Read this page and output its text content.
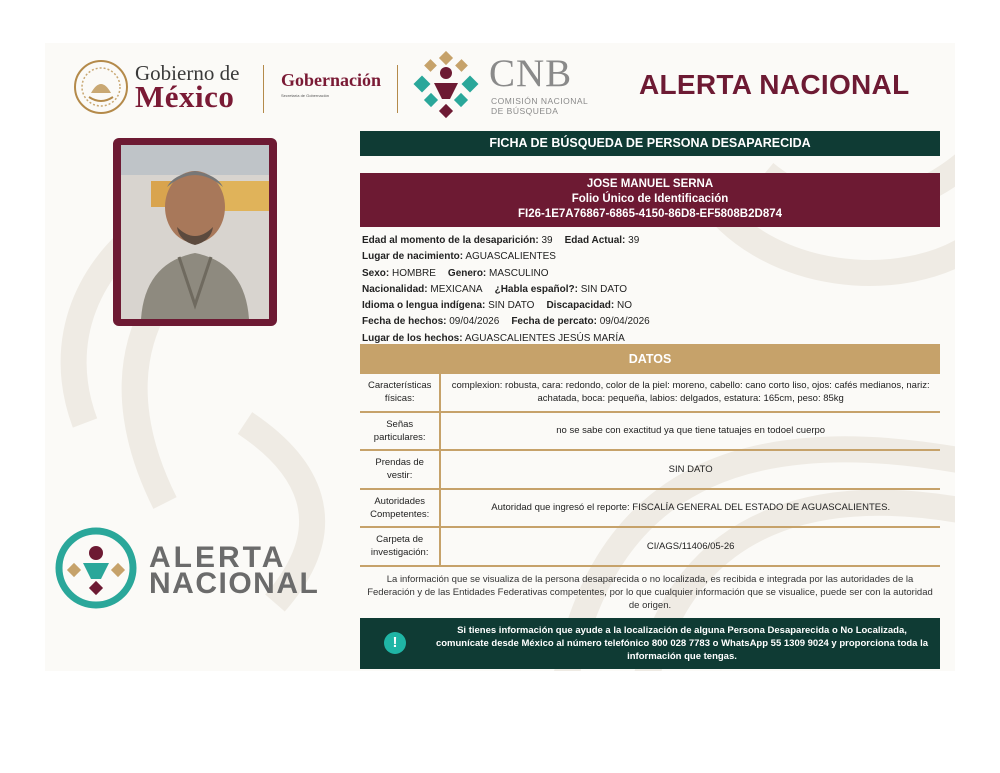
Gobierno de
México	Gobernación
Secretaría de Gobernación
CNB
COMISIÓN NACIONAL
DE BÚSQUEDA
ALERTA NACIONAL
ALERTA
NACIONAL
FICHA DE BÚSQUEDA DE PERSONA DESAPARECIDA
JOSE MANUEL SERNA
Folio Único de Identificación
FI26-1E7A76867-6865-4150-86D8-EF5808B2D874
Edad al momento de la desaparición: 39 Edad Actual: 39
Lugar de nacimiento: AGUASCALIENTES
Sexo: HOMBRE Genero: MASCULINO
Nacionalidad: MEXICANA ¿Habla español?: SIN DATO
Idioma o lengua indígena: SIN DATO Discapacidad: NO
Fecha de hechos: 09/04/2026 Fecha de percato: 09/04/2026
Lugar de los hechos: AGUASCALIENTES JESÚS MARÍA
DATOS
Características físicas:	complexion: robusta, cara: redondo, color de la piel: moreno, cabello: cano corto liso, ojos: cafés medianos, nariz: achatada, boca: pequeña, labios: delgados, estatura: 165cm, peso: 85kg
Señas particulares:	no se sabe con exactitud ya que tiene tatuajes en todoel cuerpo
Prendas de vestir:	SIN DATO
Autoridades Competentes:	Autoridad que ingresó el reporte: FISCALÍA GENERAL DEL ESTADO DE AGUASCALIENTES.
Carpeta de investigación:	CI/AGS/11406/05-26
La información que se visualiza de la persona desaparecida o no localizada, es recibida e integrada por las autoridades de la Federación y de las Entidades Federativas competentes, por lo que cualquier información que se visualice, puede ser con la autoridad de origen.
!
Si tienes información que ayude a la localización de alguna Persona Desaparecida o No Localizada, comunícate desde México al número telefónico 800 028 7783 o WhatsApp 55 1309 9024 y proporciona toda la información que tengas.
